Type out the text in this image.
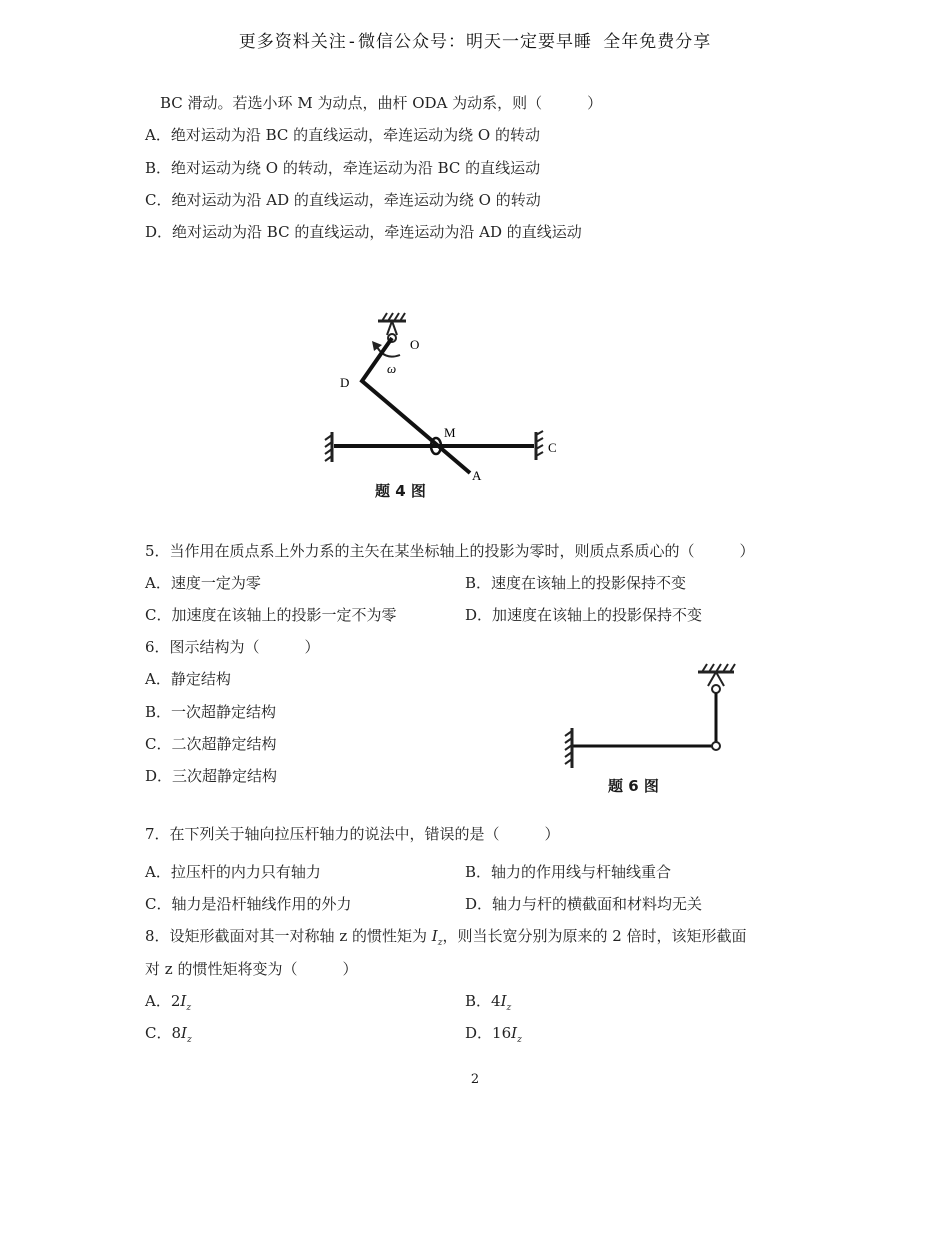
更多资料关注-微信公众号：明天一定要早睡 全年免费分享
BC 滑动。若选小环 M 为动点，曲杆 ODA 为动系，则（　　　）
A．绝对运动为沿 BC 的直线运动，牵连运动为绕 O 的转动
B．绝对运动为绕 O 的转动，牵连运动为沿 BC 的直线运动
C．绝对运动为沿 AD 的直线运动，牵连运动为绕 O 的转动
D．绝对运动为沿 BC 的直线运动，牵连运动为沿 AD 的直线运动
O
D
M
C
A
ω
题 4 图
5．当作用在质点系上外力系的主矢在某坐标轴上的投影为零时，则质点系质心的（　　　）
A．速度一定为零	B．速度在该轴上的投影保持不变
C．加速度在该轴上的投影一定不为零	D．加速度在该轴上的投影保持不变
6．图示结构为（　　　）
A．静定结构
B．一次超静定结构
C．二次超静定结构
D．三次超静定结构
题 6 图
7．在下列关于轴向拉压杆轴力的说法中，错误的是（　　　）
A．拉压杆的内力只有轴力	B．轴力的作用线与杆轴线重合
C．轴力是沿杆轴线作用的外力	D．轴力与杆的横截面和材料均无关
8．设矩形截面对其一对称轴 z 的惯性矩为 $I_z$，则当长宽分别为原来的 2 倍时，该矩形截面
对 z 的惯性矩将变为（　　　）
A．$2I_z$	B．$4I_z$
C．$8I_z$	D．$16I_z$
2
